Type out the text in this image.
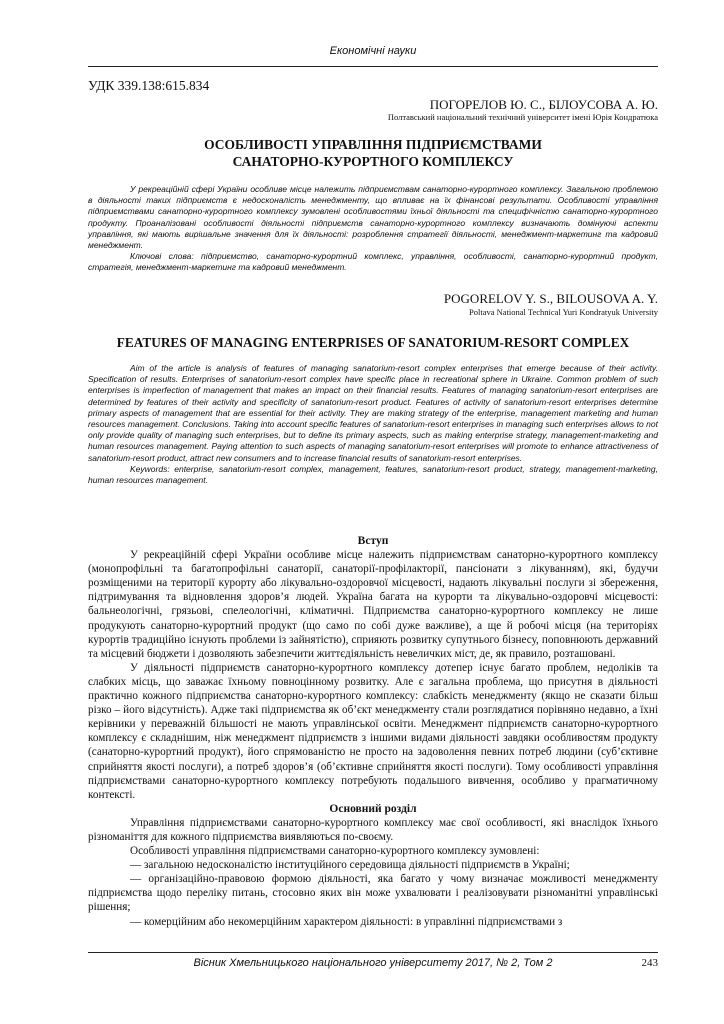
Економічні науки
УДК 339.138:615.834
ПОГОРЕЛОВ Ю. С., БІЛОУСОВА А. Ю.
Полтавський національний технічний університет імені Юрія Кондратюка
ОСОБЛИВОСТІ УПРАВЛІННЯ ПІДПРИЄМСТВАМИ
САНАТОРНО-КУРОРТНОГО КОМПЛЕКСУ

У рекреаційній сфері України особливе місце належить підприємствам санаторно-курортного комплексу. Загальною проблемою в діяльності таких підприємств є недосконалість менеджменту, що впливає на їх фінансові результати. Особливості управління підприємствами санаторно-курортного комплексу зумовлені особливостями їхньої діяльності та специфічністю санаторно-курортного продукту. Проаналізовані особливості діяльності підприємств санаторно-курортного комплексу визначають домінуючі аспекти управління, які мають вирішальне значення для їх діяльності: розроблення стратегії діяльності, менеджмент-маркетинг та кадровий менеджмент.

Ключові слова: підприємство, санаторно-курортний комплекс, управління, особливості, санаторно-курортний продукт, стратегія, менеджмент-маркетинг та кадровий менеджмент.

POGORELOV Y. S., BILOUSOVA A. Y.
Poltava National Technical Yuri Kondratyuk University
FEATURES OF MANAGING ENTERPRISES OF SANATORIUM-RESORT COMPLEX

Aim of the article is analysis of features of managing sanatorium-resort complex enterprises that emerge because of their activity. Specification of results. Enterprises of sanatorium-resort complex have specific place in recreational sphere in Ukraine. Common problem of such enterprises is imperfection of management that makes an impact on their financial results. Features of managing sanatorium-resort enterprises are determined by features of their activity and specificity of sanatorium-resort product. Features of activity of sanatorium-resort enterprises determine primary aspects of management that are essential for their activity. They are making strategy of the enterprise, management marketing and human resources management. Conclusions. Taking into account specific features of sanatorium-resort enterprises in managing such enterprises allows to not only provide quality of managing such enterprises, but to define its primary aspects, such as making enterprise strategy, management-marketing and human resources management. Paying attention to such aspects of managing sanatorium-resort enterprises will promote to enhance attractiveness of sanatorium-resort product, attract new consumers and to increase financial results of sanatorium-resort enterprises.

Keywords: enterprise, sanatorium-resort complex, management, features, sanatorium-resort product, strategy, management-marketing, human resources management.

Вступ

У рекреаційній сфері України особливе місце належить підприємствам санаторно-курортного комплексу (монопрофільні та багатопрофільні санаторії, санаторії-профілакторії, пансіонати з лікуванням), які, будучи розміщеними на території курорту або лікувально-оздоровчої місцевості, надають лікувальні послуги зі збереження, підтримування та відновлення здоров’я людей. Україна багата на курорти та лікувально-оздоровчі місцевості: бальнеологічні, грязьові, спелеологічні, кліматичні. Підприємства санаторно-курортного комплексу не лише продукують санаторно-курортний продукт (що само по собі дуже важливе), а ще й робочі місця (на територіях курортів традиційно існують проблеми із зайнятістю), сприяють розвитку супутнього бізнесу, поповнюють державний та місцевий бюджети і дозволяють забезпечити життєдіяльність невеличких міст, де, як правило, розташовані.

У діяльності підприємств санаторно-курортного комплексу дотепер існує багато проблем, недоліків та слабких місць, що заважає їхньому повноцінному розвитку. Але є загальна проблема, що присутня в діяльності практично кожного підприємства санаторно-курортного комплексу: слабкість менеджменту (якщо не сказати більш різко – його відсутність). Адже такі підприємства як об’єкт менеджменту стали розглядатися порівняно недавно, а їхні керівники у переважній більшості не мають управлінської освіти. Менеджмент підприємств санаторно-курортного комплексу є складнішим, ніж менеджмент підприємств з іншими видами діяльності завдяки особливостям продукту (санаторно-курортний продукт), його спрямованістю не просто на задоволення певних потреб людини (суб’єктивне сприйняття якості послуги), а потреб здоров’я (об’єктивне сприйняття якості послуги). Тому особливості управління підприємствами санаторно-курортного комплексу потребують подальшого вивчення, особливо у прагматичному контексті.

Основний розділ

Управління підприємствами санаторно-курортного комплексу має свої особливості, які внаслідок їхнього різноманіття для кожного підприємства виявляються по-своєму.

Особливості управління підприємствами санаторно-курортного комплексу зумовлені:

— загальною недосконалістю інституційного середовища діяльності підприємств в Україні;

— організаційно-правовою формою діяльності, яка багато у чому визначає можливості менеджменту підприємства щодо переліку питань, стосовно яких він може ухвалювати і реалізовувати різноманітні управлінські рішення;

— комерційним або некомерційним характером діяльності: в управлінні підприємствами з

Вісник Хмельницького національного університету 2017, № 2, Том 2	243
